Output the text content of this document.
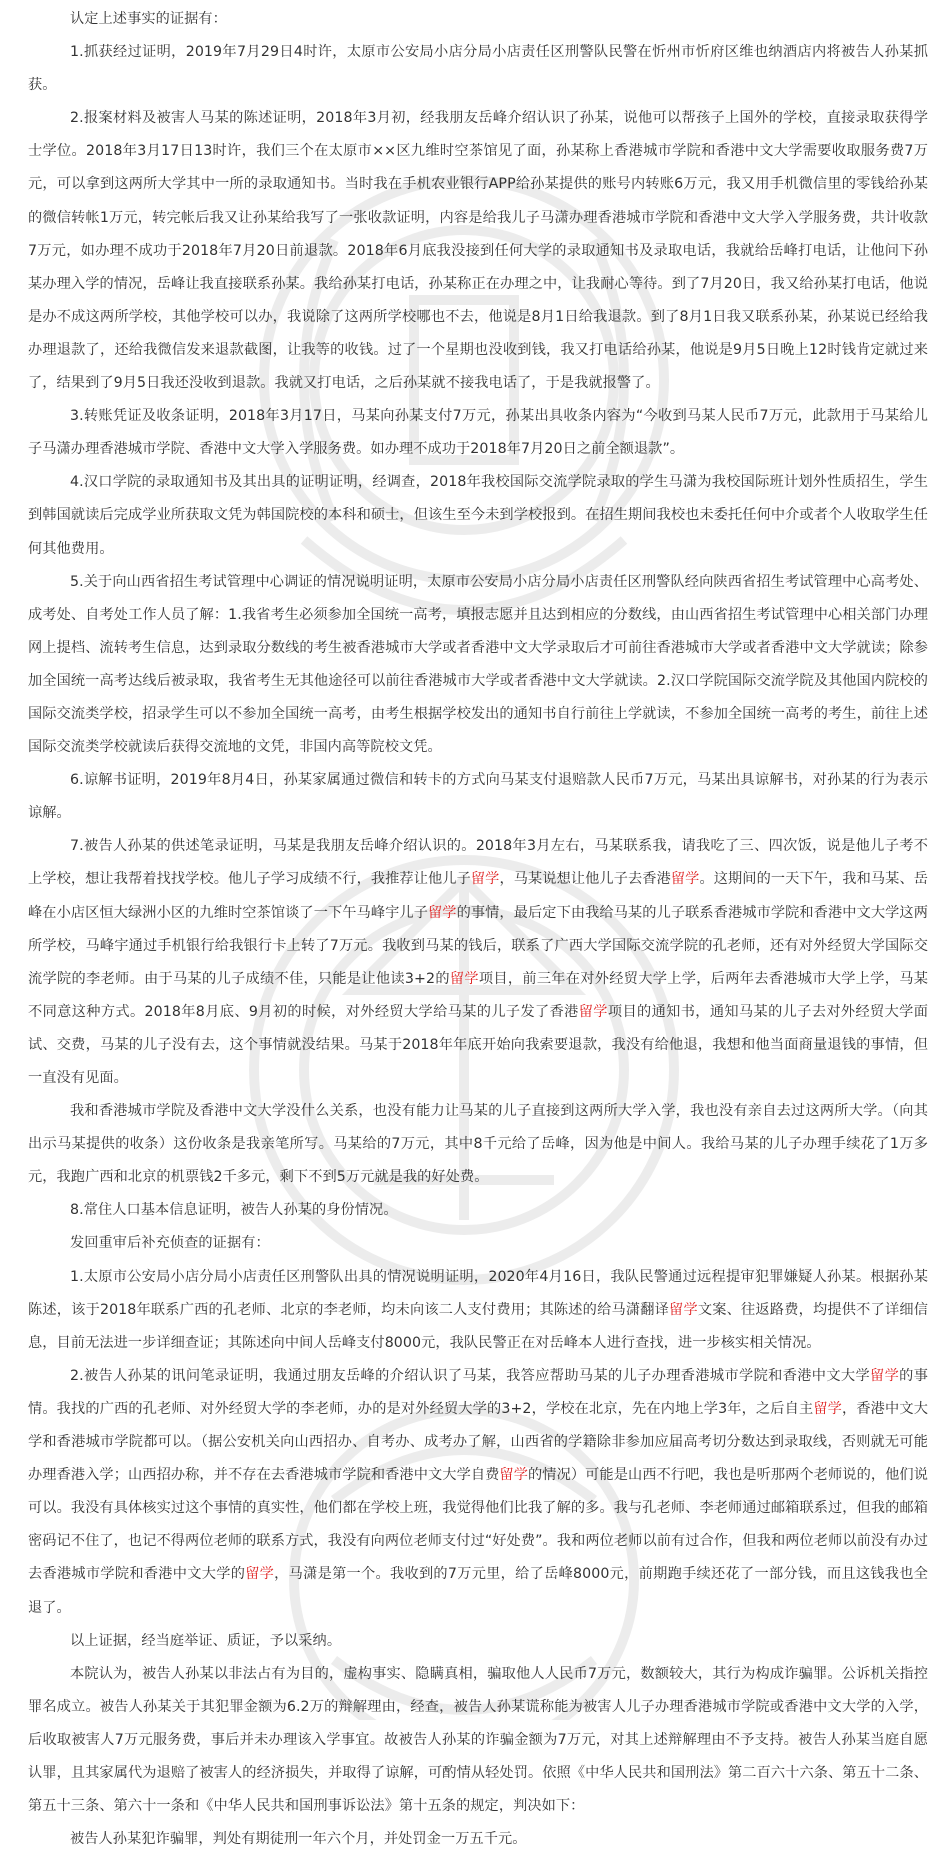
认定上述事实的证据有：

1.抓获经过证明，2019年7月29日4时许，太原市公安局小店分局小店责任区刑警队民警在忻州市忻府区维也纳酒店内将被告人孙某抓获。

2.报案材料及被害人马某的陈述证明，2018年3月初，经我朋友岳峰介绍认识了孙某，说他可以帮孩子上国外的学校，直接录取获得学士学位。2018年3月17日13时许，我们三个在太原市××区九维时空茶馆见了面，孙某称上香港城市学院和香港中文大学需要收取服务费7万元，可以拿到这两所大学其中一所的录取通知书。当时我在手机农业银行APP给孙某提供的账号内转账6万元，我又用手机微信里的零钱给孙某的微信转帐1万元，转完帐后我又让孙某给我写了一张收款证明，内容是给我儿子马潇办理香港城市学院和香港中文大学入学服务费，共计收款7万元，如办理不成功于2018年7月20日前退款。2018年6月底我没接到任何大学的录取通知书及录取电话，我就给岳峰打电话，让他问下孙某办理入学的情况，岳峰让我直接联系孙某。我给孙某打电话，孙某称正在办理之中，让我耐心等待。到了7月20日，我又给孙某打电话，他说是办不成这两所学校，其他学校可以办，我说除了这两所学校哪也不去，他说是8月1日给我退款。到了8月1日我又联系孙某，孙某说已经给我办理退款了，还给我微信发来退款截图，让我等的收钱。过了一个星期也没收到钱，我又打电话给孙某，他说是9月5日晚上12时钱肯定就过来了，结果到了9月5日我还没收到退款。我就又打电话，之后孙某就不接我电话了，于是我就报警了。

3.转账凭证及收条证明，2018年3月17日，马某向孙某支付7万元，孙某出具收条内容为“今收到马某人民币7万元，此款用于马某给儿子马潇办理香港城市学院、香港中文大学入学服务费。如办理不成功于2018年7月20日之前全额退款”。

4.汉口学院的录取通知书及其出具的证明证明，经调查，2018年我校国际交流学院录取的学生马潇为我校国际班计划外性质招生，学生到韩国就读后完成学业所获取文凭为韩国院校的本科和硕士，但该生至今未到学校报到。在招生期间我校也未委托任何中介或者个人收取学生任何其他费用。

5.关于向山西省招生考试管理中心调证的情况说明证明，太原市公安局小店分局小店责任区刑警队经向陕西省招生考试管理中心高考处、成考处、自考处工作人员了解：1.我省考生必须参加全国统一高考，填报志愿并且达到相应的分数线，由山西省招生考试管理中心相关部门办理网上提档、流转考生信息，达到录取分数线的考生被香港城市大学或者香港中文大学录取后才可前往香港城市大学或者香港中文大学就读；除参加全国统一高考达线后被录取，我省考生无其他途径可以前往香港城市大学或者香港中文大学就读。2.汉口学院国际交流学院及其他国内院校的国际交流类学校，招录学生可以不参加全国统一高考，由考生根据学校发出的通知书自行前往上学就读，不参加全国统一高考的考生，前往上述国际交流类学校就读后获得交流地的文凭，非国内高等院校文凭。

6.谅解书证明，2019年8月4日，孙某家属通过微信和转卡的方式向马某支付退赔款人民币7万元，马某出具谅解书，对孙某的行为表示谅解。

7.被告人孙某的供述笔录证明，马某是我朋友岳峰介绍认识的。2018年3月左右，马某联系我，请我吃了三、四次饭，说是他儿子考不上学校，想让我帮着找找学校。他儿子学习成绩不行，我推荐让他儿子留学，马某说想让他儿子去香港留学。这期间的一天下午，我和马某、岳峰在小店区恒大绿洲小区的九维时空茶馆谈了一下午马峰宇儿子留学的事情，最后定下由我给马某的儿子联系香港城市学院和香港中文大学这两所学校，马峰宇通过手机银行给我银行卡上转了7万元。我收到马某的钱后，联系了广西大学国际交流学院的孔老师，还有对外经贸大学国际交流学院的李老师。由于马某的儿子成绩不佳，只能是让他读3+2的留学项目，前三年在对外经贸大学上学，后两年去香港城市大学上学，马某不同意这种方式。2018年8月底、9月初的时候，对外经贸大学给马某的儿子发了香港留学项目的通知书，通知马某的儿子去对外经贸大学面试、交费，马某的儿子没有去，这个事情就没结果。马某于2018年年底开始向我索要退款，我没有给他退，我想和他当面商量退钱的事情，但一直没有见面。

我和香港城市学院及香港中文大学没什么关系，也没有能力让马某的儿子直接到这两所大学入学，我也没有亲自去过这两所大学。（向其出示马某提供的收条）这份收条是我亲笔所写。马某给的7万元，其中8千元给了岳峰，因为他是中间人。我给马某的儿子办理手续花了1万多元，我跑广西和北京的机票钱2千多元，剩下不到5万元就是我的好处费。

8.常住人口基本信息证明，被告人孙某的身份情况。

发回重审后补充侦查的证据有：

1.太原市公安局小店分局小店责任区刑警队出具的情况说明证明，2020年4月16日，我队民警通过远程提审犯罪嫌疑人孙某。根据孙某陈述，该于2018年联系广西的孔老师、北京的李老师，均未向该二人支付费用；其陈述的给马潇翻译留学文案、往返路费，均提供不了详细信息，目前无法进一步详细查证；其陈述向中间人岳峰支付8000元，我队民警正在对岳峰本人进行查找，进一步核实相关情况。

2.被告人孙某的讯问笔录证明，我通过朋友岳峰的介绍认识了马某，我答应帮助马某的儿子办理香港城市学院和香港中文大学留学的事情。我找的广西的孔老师、对外经贸大学的李老师，办的是对外经贸大学的3+2，学校在北京，先在内地上学3年，之后自主留学，香港中文大学和香港城市学院都可以。（据公安机关向山西招办、自考办、成考办了解，山西省的学籍除非参加应届高考切分数达到录取线，否则就无可能办理香港入学；山西招办称，并不存在去香港城市学院和香港中文大学自费留学的情况）可能是山西不行吧，我也是听那两个老师说的，他们说可以。我没有具体核实过这个事情的真实性，他们都在学校上班，我觉得他们比我了解的多。我与孔老师、李老师通过邮箱联系过，但我的邮箱密码记不住了，也记不得两位老师的联系方式，我没有向两位老师支付过“好处费”。我和两位老师以前有过合作，但我和两位老师以前没有办过去香港城市学院和香港中文大学的留学，马潇是第一个。我收到的7万元里，给了岳峰8000元，前期跑手续还花了一部分钱，而且这钱我也全退了。

以上证据，经当庭举证、质证，予以采纳。

本院认为，被告人孙某以非法占有为目的，虚构事实、隐瞒真相，骗取他人人民币7万元，数额较大，其行为构成诈骗罪。公诉机关指控罪名成立。被告人孙某关于其犯罪金额为6.2万的辩解理由，经查，被告人孙某谎称能为被害人儿子办理香港城市学院或香港中文大学的入学，后收取被害人7万元服务费，事后并未办理该入学事宜。故被告人孙某的诈骗金额为7万元，对其上述辩解理由不予支持。被告人孙某当庭自愿认罪，且其家属代为退赔了被害人的经济损失，并取得了谅解，可酌情从轻处罚。依照《中华人民共和国刑法》第二百六十六条、第五十二条、第五十三条、第六十一条和《中华人民共和国刑事诉讼法》第十五条的规定，判决如下：

被告人孙某犯诈骗罪，判处有期徒刑一年六个月，并处罚金一万五千元。
